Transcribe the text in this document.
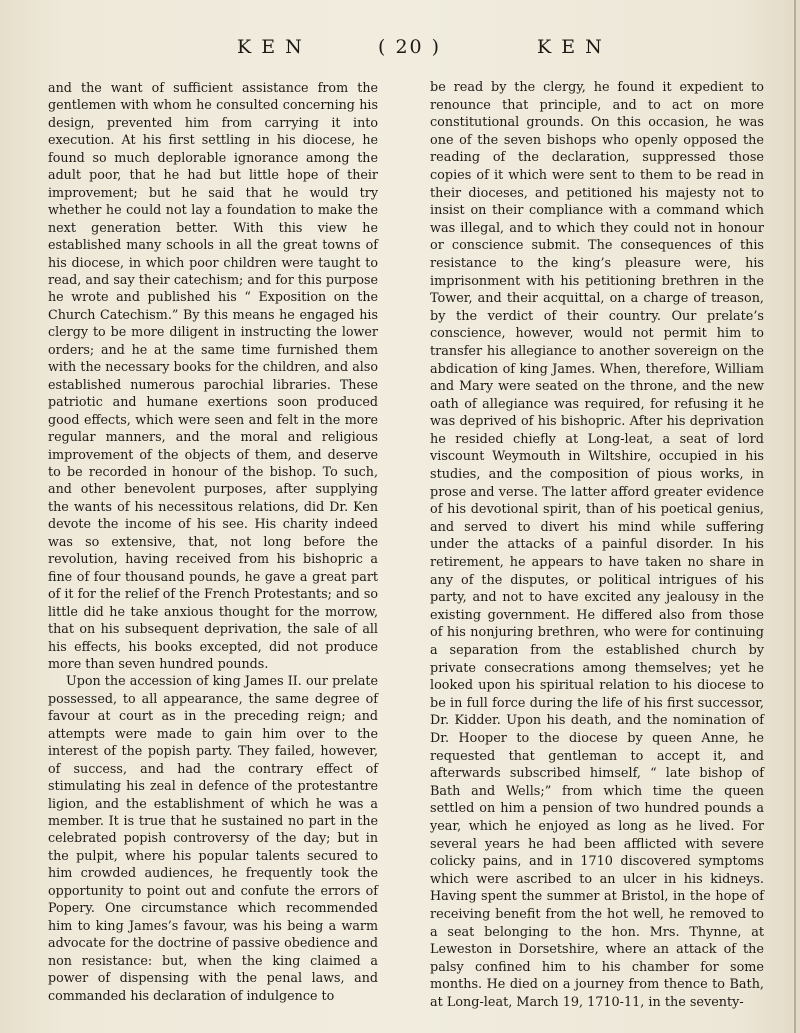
K E N	( 20 )	K E N

and the want of sufficient assistance from the gentlemen with whom he consulted concerning his design, prevented him from carrying it into execution. At his first settling in his diocese, he found so much deplorable ignorance among the adult poor, that he had but little hope of their improvement; but he said that he would try whether he could not lay a foundation to make the next generation better. With this view he established many schools in all the great towns of his diocese, in which poor children were taught to read, and say their catechism; and for this purpose he wrote and published his “ Exposition on the Church Catechism.” By this means he engaged his clergy to be more diligent in instructing the lower orders; and he at the same time furnished them with the necessary books for the children, and also established numerous parochial libraries. These patriotic and humane exertions soon produced good effects, which were seen and felt in the more regular manners, and the moral and religious improvement of the objects of them, and deserve to be recorded in honour of the bishop. To such, and other benevolent purposes, after supplying the wants of his necessitous relations, did Dr. Ken devote the income of his see. His charity indeed was so extensive, that, not long before the revolution, having received from his bishopric a fine of four thousand pounds, he gave a great part of it for the relief of the French Protestants; and so little did he take anxious thought for the morrow, that on his subsequent deprivation, the sale of all his effects, his books excepted, did not produce more than seven hundred pounds.

Upon the accession of king James II. our prelate possessed, to all appearance, the same degree of favour at court as in the preceding reign; and attempts were made to gain him over to the interest of the popish party. They failed, however, of success, and had the contrary effect of stimulating his zeal in defence of the protestantre ligion, and the establishment of which he was a member. It is true that he sustained no part in the celebrated popish controversy of the day; but in the pulpit, where his popular talents secured to him crowded audiences, he frequently took the opportunity to point out and confute the errors of Popery. One circumstance which recommended him to king James’s favour, was his being a warm advocate for the doctrine of passive obedience and non resistance: but, when the king claimed a power of dispensing with the penal laws, and commanded his declaration of indulgence to

be read by the clergy, he found it expedient to renounce that principle, and to act on more constitutional grounds. On this occasion, he was one of the seven bishops who openly opposed the reading of the declaration, suppressed those copies of it which were sent to them to be read in their dioceses, and petitioned his majesty not to insist on their compliance with a command which was illegal, and to which they could not in honour or conscience submit. The consequences of this resistance to the king’s pleasure were, his imprisonment with his petitioning brethren in the Tower, and their acquittal, on a charge of treason, by the verdict of their country. Our prelate’s conscience, however, would not permit him to transfer his allegiance to another sovereign on the abdication of king James. When, therefore, William and Mary were seated on the throne, and the new oath of allegiance was required, for refusing it he was deprived of his bishopric. After his deprivation he resided chiefly at Long-leat, a seat of lord viscount Weymouth in Wiltshire, occupied in his studies, and the composition of pious works, in prose and verse. The latter afford greater evidence of his devotional spirit, than of his poetical genius, and served to divert his mind while suffering under the attacks of a painful disorder. In his retirement, he appears to have taken no share in any of the disputes, or political intrigues of his party, and not to have excited any jealousy in the existing government. He differed also from those of his nonjuring brethren, who were for continuing a separation from the established church by private consecrations among themselves; yet he looked upon his spiritual relation to his diocese to be in full force during the life of his first successor, Dr. Kidder. Upon his death, and the nomination of Dr. Hooper to the diocese by queen Anne, he requested that gentleman to accept it, and afterwards subscribed himself, “ late bishop of Bath and Wells;” from which time the queen settled on him a pension of two hundred pounds a year, which he enjoyed as long as he lived. For several years he had been afflicted with severe colicky pains, and in 1710 discovered symptoms which were ascribed to an ulcer in his kidneys. Having spent the summer at Bristol, in the hope of receiving benefit from the hot well, he removed to a seat belonging to the hon. Mrs. Thynne, at Leweston in Dorsetshire, where an attack of the palsy confined him to his chamber for some months. He died on a journey from thence to Bath, at Long-leat, March 19, 1710-11, in the seventy-
